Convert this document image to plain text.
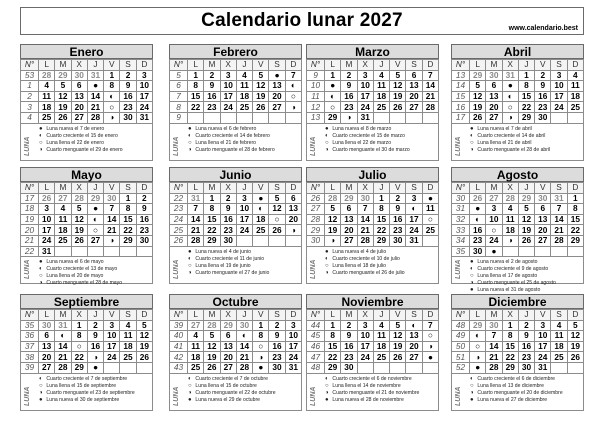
Calendario lunar 2027	www.calendario.best
Enero
N°	L	M	X	J	V	S	D
53	28	29	30	31	1	2	3
1	4	5	6	●	8	9	10
2	11	12	13	14	◐	16	17
3	18	19	20	21	○	23	24
4	25	26	27	28	◑	30	31
LUNA
● Luna nueva el 7 de enero
◐ Cuarto creciente el 15 de enero
○ Luna llena el 22 de enero
◑ Cuarto menguante el 29 de enero
Febrero
N°	L	M	X	J	V	S	D
5	1	2	3	4	5	●	7
6	8	9	10	11	12	13	◐
7	15	16	17	18	19	20	○
8	22	23	24	25	26	27	◑
9							
LUNA
● Luna nueva el 6 de febrero
◐ Cuarto creciente el 14 de febrero
○ Luna llena el 21 de febrero
◑ Cuarto menguante el 28 de febrero
Marzo
N°	L	M	X	J	V	S	D
9	1	2	3	4	5	6	7
10	●	9	10	11	12	13	14
11	◐	16	17	18	19	20	21
12	○	23	24	25	26	27	28
13	29	◑	31				
LUNA
● Luna nueva el 8 de marzo
◐ Cuarto creciente el 15 de marzo
○ Luna llena el 22 de marzo
◑ Cuarto menguante el 30 de marzo
Abril
N°	L	M	X	J	V	S	D
13	29	30	31	1	2	3	4
14	5	6	●	8	9	10	11
15	12	13	◐	15	16	17	18
16	19	20	○	22	23	24	25
17	26	27	◑	29	30		
LUNA
● Luna nueva el 7 de abril
◐ Cuarto creciente el 14 de abril
○ Luna llena el 21 de abril
◑ Cuarto menguante el 28 de abril
Mayo
N°	L	M	X	J	V	S	D
17	26	27	28	29	30	1	2
18	3	4	5	●	7	8	9
19	10	11	12	◐	14	15	16
20	17	18	19	○	21	22	23
21	24	25	26	27	◑	29	30
22	31						
LUNA ● Luna nueva el 6 de mayo
◐ Cuarto creciente el 13 de mayo
○ Luna llena el 20 de mayo
◑ Cuarto menguante el 28 de mayo
Junio
N°	L	M	X	J	V	S	D
22	31	1	2	3	●	5	6
23	7	8	9	10	◐	12	13
24	14	15	16	17	18	○	20
25	21	22	23	24	25	26	◑
26	28	29	30				
LUNA
● Luna nueva el 4 de junio
◐ Cuarto creciente el 11 de junio
○ Luna llena el 19 de junio
◑ Cuarto menguante el 27 de junio
Julio
N°	L	M	X	J	V	S	D
26	28	29	30	1	2	3	●
27	5	6	7	8	9	◐	11
28	12	13	14	15	16	17	○
29	19	20	21	22	23	24	25
30	◑	27	28	29	30	31	
LUNA
● Luna nueva el 4 de julio
◐ Cuarto creciente el 10 de julio
○ Luna llena el 18 de julio
◑ Cuarto menguante el 26 de julio
Agosto
N°	L	M	X	J	V	S	D
30	26	27	28	29	30	31	1
31	●	3	4	5	6	7	8
32	◐	10	11	12	13	14	15
33	16	○	18	19	20	21	22
34	23	24	◑	26	27	28	29
35	30	●					
LUNA ● Luna nueva el 2 de agosto
◐ Cuarto creciente el 9 de agosto
○ Luna llena el 17 de agosto
◑ Cuarto menguante el 25 de agosto
● Luna nueva el 31 de agosto
Septiembre
N°	L	M	X	J	V	S	D
35	30	31	1	2	3	4	5
36	6	◐	8	9	10	11	12
37	13	14	○	16	17	18	19
38	20	21	22	◑	24	25	26
39	27	28	29	●			
LUNA
◐ Cuarto creciente el 7 de septiembre
○ Luna llena el 15 de septiembre
◑ Cuarto menguante el 23 de septiembre
● Luna nueva el 30 de septiembre
Octubre
N°	L	M	X	J	V	S	D
39	27	28	29	30	1	2	3
40	4	5	6	◐	8	9	10
41	11	12	13	14	○	16	17
42	18	19	20	21	◑	23	24
43	25	26	27	28	●	30	31
LUNA
◐ Cuarto creciente el 7 de octubre
○ Luna llena el 15 de octubre
◑ Cuarto menguante el 22 de octubre
● Luna nueva el 29 de octubre
Noviembre
N°	L	M	X	J	V	S	D
44	1	2	3	4	5	◐	7
45	8	9	10	11	12	13	○
46	15	16	17	18	19	20	◑
47	22	23	24	25	26	27	●
48	29	30					
LUNA
◐ Cuarto creciente el 6 de noviembre
○ Luna llena el 14 de noviembre
◑ Cuarto menguante el 21 de noviembre
● Luna nueva el 28 de noviembre
Diciembre
N°	L	M	X	J	V	S	D
48	29	30	1	2	3	4	5
49	◐	7	8	9	10	11	12
50	○	14	15	16	17	18	19
51	◑	21	22	23	24	25	26
52	●	28	29	30	31		
LUNA
◐ Cuarto creciente el 6 de diciembre
○ Luna llena el 13 de diciembre
◑ Cuarto menguante el 20 de diciembre
● Luna nueva el 27 de diciembre
